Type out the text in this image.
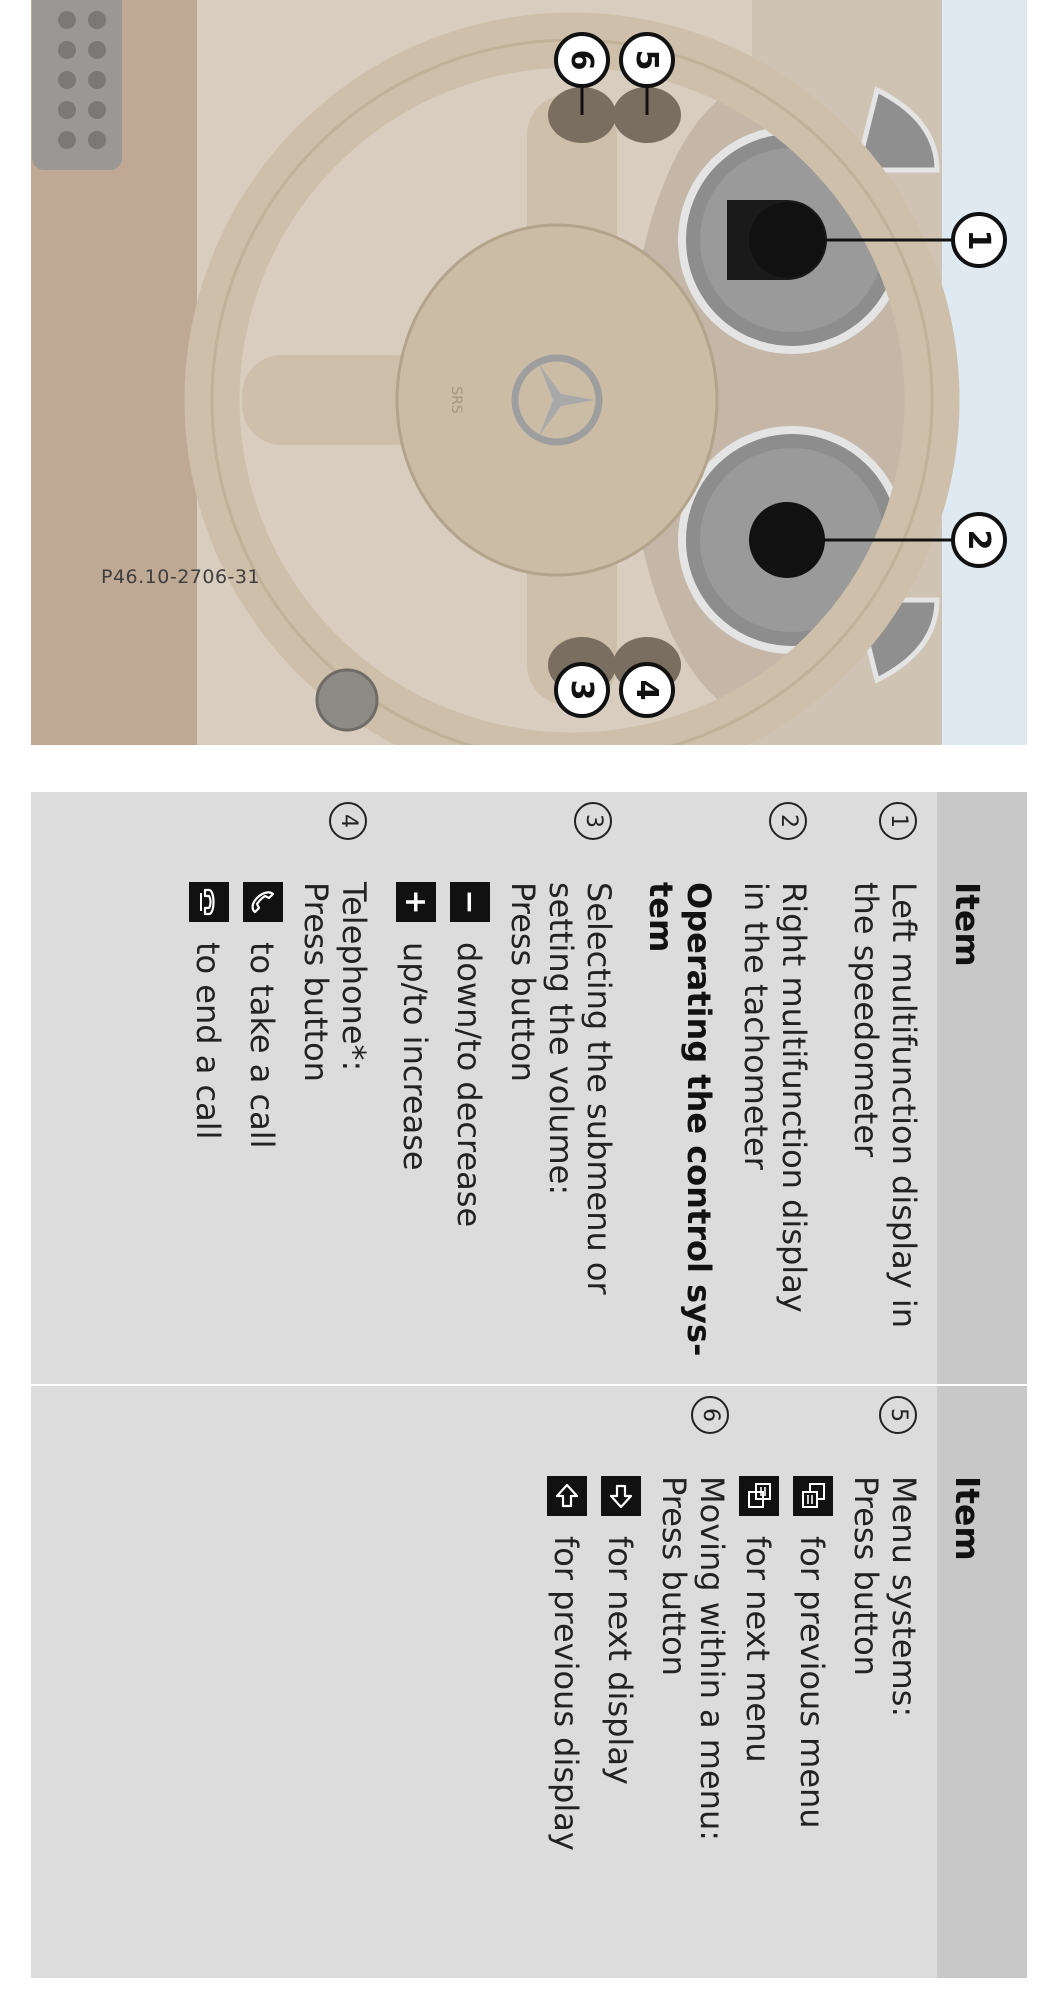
SRS
1
2
3 4
5
6
P46.10-2706-31
Item
1
Left multifunction display in
the speedometer
2
Right multifunction display
in the tachometer
Operating the control sys-
tem
3
Selecting the submenu or
setting the volume:
Press button
−
down/to decrease
+
up/to increase
4
Telephone*:
Press button
to take a call
to end a call
Item
5
Menu systems:
Press button
for previous menu
for next menu
6
Moving within a menu:
Press button
for next display
for previous display
